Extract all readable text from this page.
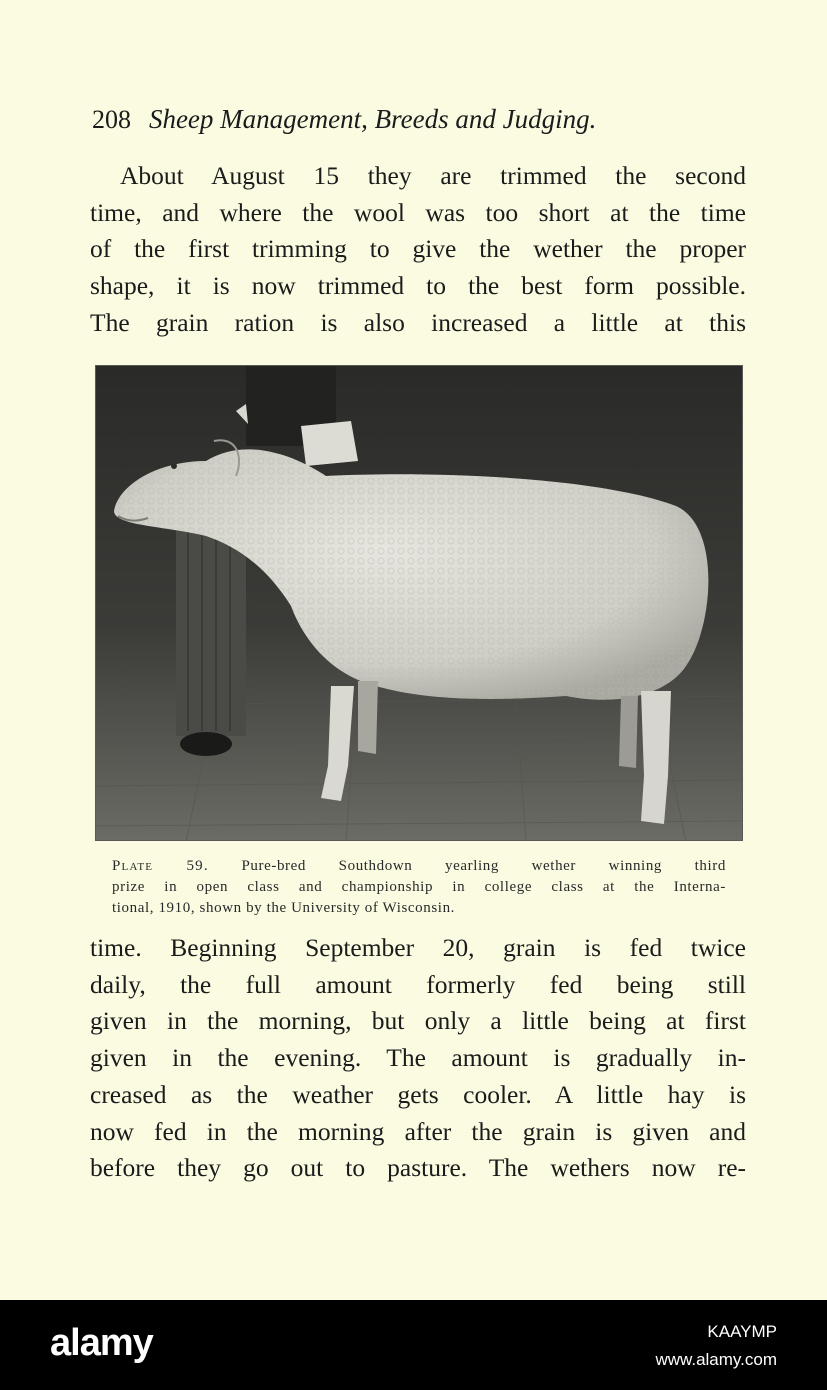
208 Sheep Management, Breeds and Judging.
About August 15 they are trimmed the second
time, and where the wool was too short at the time
of the first trimming to give the wether the proper
shape, it is now trimmed to the best form possible.
The grain ration is also increased a little at this
Plate 59. Pure-bred Southdown yearling wether winning third
prize in open class and championship in college class at the Interna-
tional, 1910, shown by the University of Wisconsin.
time. Beginning September 20, grain is fed twice
daily, the full amount formerly fed being still
given in the morning, but only a little being at first
given in the evening. The amount is gradually in-
creased as the weather gets cooler. A little hay is
now fed in the morning after the grain is given and
before they go out to pasture. The wethers now re-
alamy	KAAYMP
www.alamy.com
